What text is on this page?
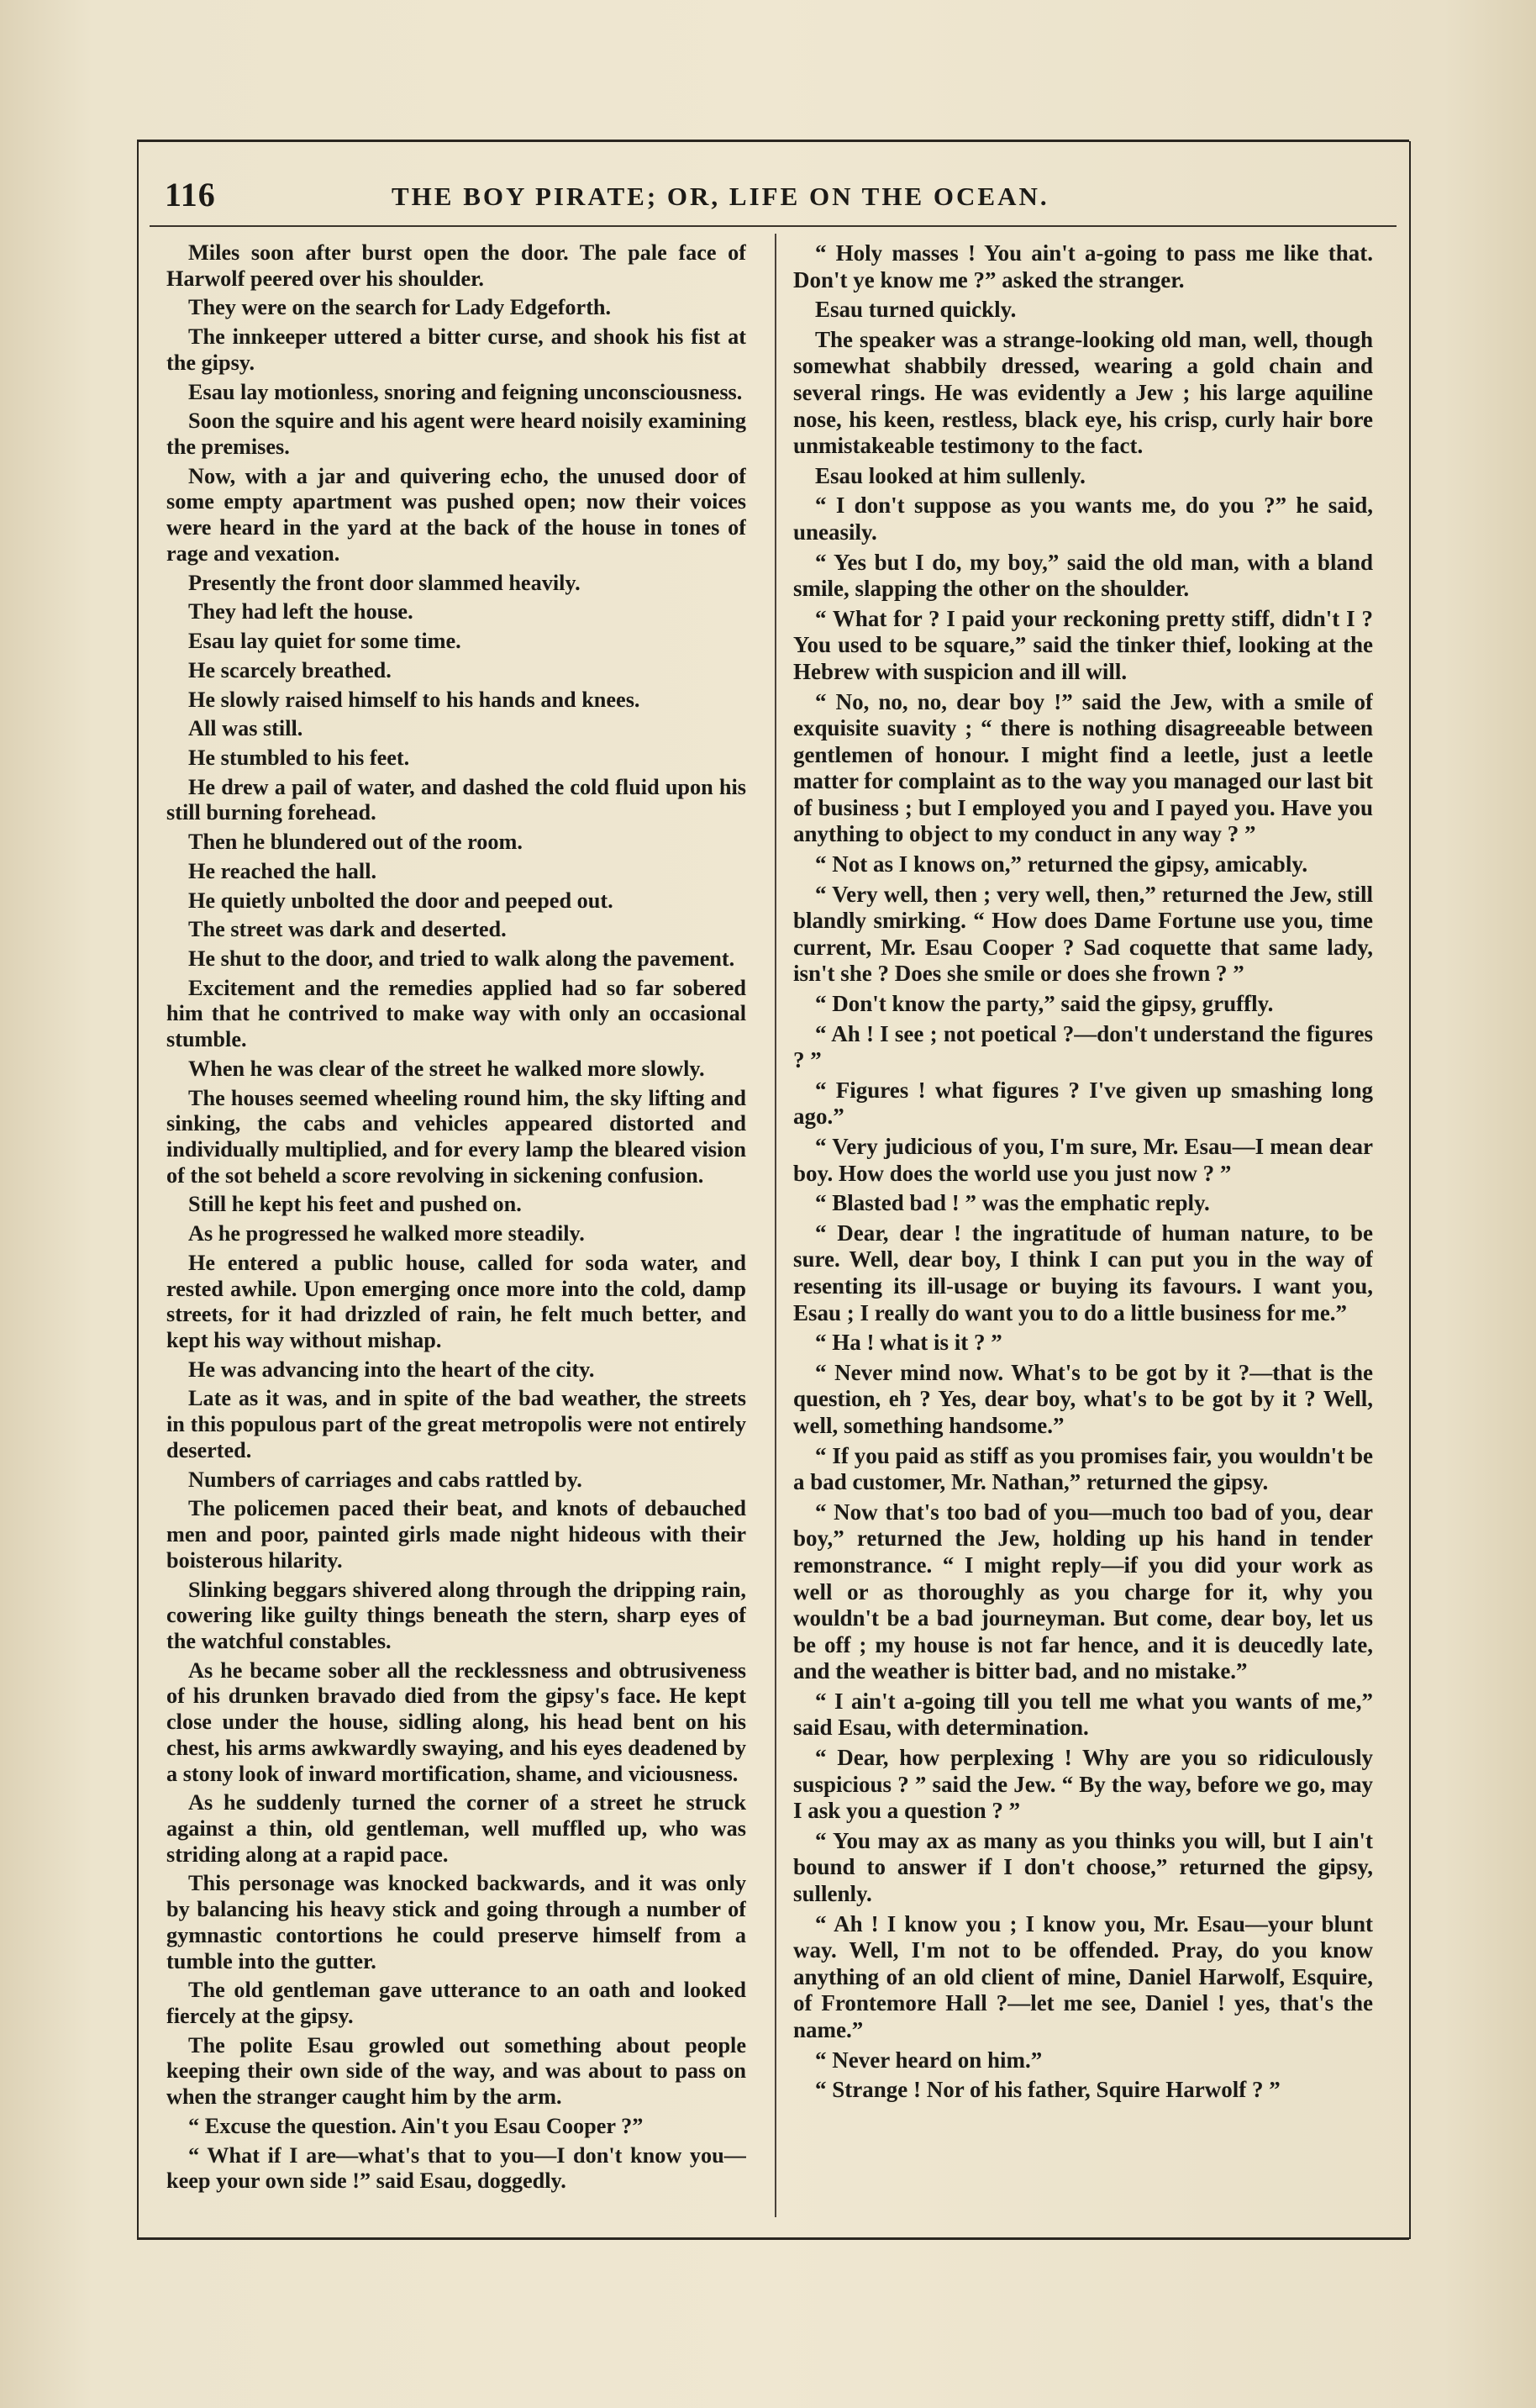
116	THE BOY PIRATE; OR, LIFE ON THE OCEAN.

Miles soon after burst open the door. The pale face of Harwolf peered over his shoulder.

They were on the search for Lady Edgeforth.

The innkeeper uttered a bitter curse, and shook his fist at the gipsy.

Esau lay motionless, snoring and feigning unconsciousness.

Soon the squire and his agent were heard noisily examining the premises.

Now, with a jar and quivering echo, the unused door of some empty apartment was pushed open; now their voices were heard in the yard at the back of the house in tones of rage and vexation.

Presently the front door slammed heavily.

They had left the house.

Esau lay quiet for some time.

He scarcely breathed.

He slowly raised himself to his hands and knees.

All was still.

He stumbled to his feet.

He drew a pail of water, and dashed the cold fluid upon his still burning forehead.

Then he blundered out of the room.

He reached the hall.

He quietly unbolted the door and peeped out.

The street was dark and deserted.

He shut to the door, and tried to walk along the pavement.

Excitement and the remedies applied had so far sobered him that he contrived to make way with only an occasional stumble.

When he was clear of the street he walked more slowly.

The houses seemed wheeling round him, the sky lifting and sinking, the cabs and vehicles appeared distorted and individually multiplied, and for every lamp the bleared vision of the sot beheld a score revolving in sickening confusion.

Still he kept his feet and pushed on.

As he progressed he walked more steadily.

He entered a public house, called for soda water, and rested awhile. Upon emerging once more into the cold, damp streets, for it had drizzled of rain, he felt much better, and kept his way without mishap.

He was advancing into the heart of the city.

Late as it was, and in spite of the bad weather, the streets in this populous part of the great metropolis were not entirely deserted.

Numbers of carriages and cabs rattled by.

The policemen paced their beat, and knots of debauched men and poor, painted girls made night hideous with their boisterous hilarity.

Slinking beggars shivered along through the dripping rain, cowering like guilty things beneath the stern, sharp eyes of the watchful constables.

As he became sober all the recklessness and obtrusiveness of his drunken bravado died from the gipsy's face. He kept close under the house, sidling along, his head bent on his chest, his arms awkwardly swaying, and his eyes deadened by a stony look of inward mortification, shame, and viciousness.

As he suddenly turned the corner of a street he struck against a thin, old gentleman, well muffled up, who was striding along at a rapid pace.

This personage was knocked backwards, and it was only by balancing his heavy stick and going through a number of gymnastic contortions he could preserve himself from a tumble into the gutter.

The old gentleman gave utterance to an oath and looked fiercely at the gipsy.

The polite Esau growled out something about people keeping their own side of the way, and was about to pass on when the stranger caught him by the arm.

“ Excuse the question. Ain't you Esau Cooper ?”

“ What if I are—what's that to you—I don't know you—keep your own side !” said Esau, doggedly.

“ Holy masses ! You ain't a-going to pass me like that. Don't ye know me ?” asked the stranger.

Esau turned quickly.

The speaker was a strange-looking old man, well, though somewhat shabbily dressed, wearing a gold chain and several rings. He was evidently a Jew ; his large aquiline nose, his keen, restless, black eye, his crisp, curly hair bore unmistakeable testimony to the fact.

Esau looked at him sullenly.

“ I don't suppose as you wants me, do you ?” he said, uneasily.

“ Yes but I do, my boy,” said the old man, with a bland smile, slapping the other on the shoulder.

“ What for ? I paid your reckoning pretty stiff, didn't I ? You used to be square,” said the tinker thief, looking at the Hebrew with suspicion and ill will.

“ No, no, no, dear boy !” said the Jew, with a smile of exquisite suavity ; “ there is nothing disagreeable between gentlemen of honour. I might find a leetle, just a leetle matter for complaint as to the way you managed our last bit of business ; but I employed you and I payed you. Have you anything to object to my conduct in any way ? ”

“ Not as I knows on,” returned the gipsy, amicably.

“ Very well, then ; very well, then,” returned the Jew, still blandly smirking. “ How does Dame Fortune use you, time current, Mr. Esau Cooper ? Sad coquette that same lady, isn't she ? Does she smile or does she frown ? ”

“ Don't know the party,” said the gipsy, gruffly.

“ Ah ! I see ; not poetical ?—don't understand the figures ? ”

“ Figures ! what figures ? I've given up smashing long ago.”

“ Very judicious of you, I'm sure, Mr. Esau—I mean dear boy. How does the world use you just now ? ”

“ Blasted bad ! ” was the emphatic reply.

“ Dear, dear ! the ingratitude of human nature, to be sure. Well, dear boy, I think I can put you in the way of resenting its ill-usage or buying its favours. I want you, Esau ; I really do want you to do a little business for me.”

“ Ha ! what is it ? ”

“ Never mind now. What's to be got by it ?—that is the question, eh ? Yes, dear boy, what's to be got by it ? Well, well, something handsome.”

“ If you paid as stiff as you promises fair, you wouldn't be a bad customer, Mr. Nathan,” returned the gipsy.

“ Now that's too bad of you—much too bad of you, dear boy,” returned the Jew, holding up his hand in tender remonstrance. “ I might reply—if you did your work as well or as thoroughly as you charge for it, why you wouldn't be a bad journeyman. But come, dear boy, let us be off ; my house is not far hence, and it is deucedly late, and the weather is bitter bad, and no mistake.”

“ I ain't a-going till you tell me what you wants of me,” said Esau, with determination.

“ Dear, how perplexing ! Why are you so ridiculously suspicious ? ” said the Jew. “ By the way, before we go, may I ask you a question ? ”

“ You may ax as many as you thinks you will, but I ain't bound to answer if I don't choose,” returned the gipsy, sullenly.

“ Ah ! I know you ; I know you, Mr. Esau—your blunt way. Well, I'm not to be offended. Pray, do you know anything of an old client of mine, Daniel Harwolf, Esquire, of Frontemore Hall ?—let me see, Daniel ! yes, that's the name.”

“ Never heard on him.”

“ Strange ! Nor of his father, Squire Harwolf ? ”
